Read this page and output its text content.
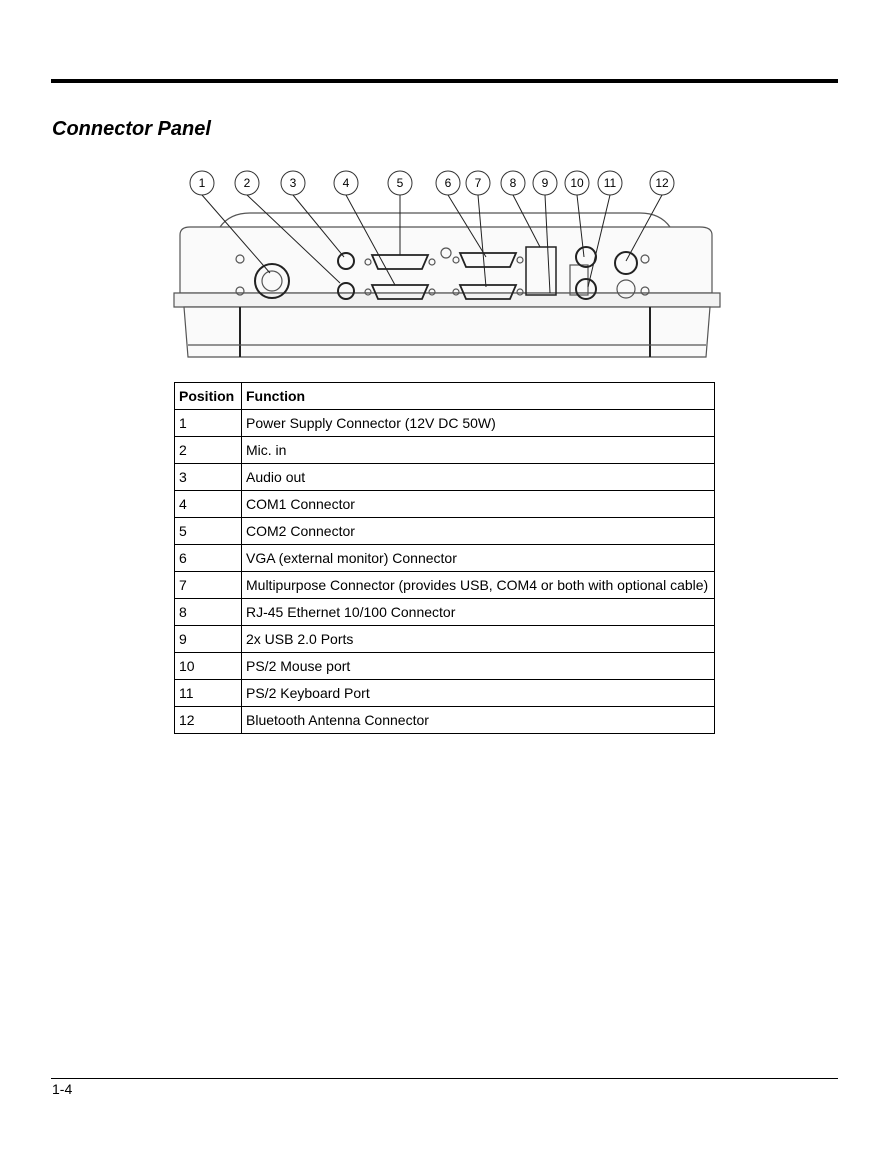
Connector Panel
1	2	3	4	5	6 7 8 9 10 11	12
Position	Function
1	Power Supply Connector (12V DC 50W)
2	Mic. in
3	Audio out
4	COM1 Connector
5	COM2 Connector
6	VGA (external monitor) Connector
7	Multipurpose Connector (provides USB, COM4 or both with optional cable)
8	RJ-45 Ethernet 10/100 Connector
9	2x USB 2.0 Ports
10	PS/2 Mouse port
11	PS/2 Keyboard Port
12	Bluetooth Antenna Connector
1-4
